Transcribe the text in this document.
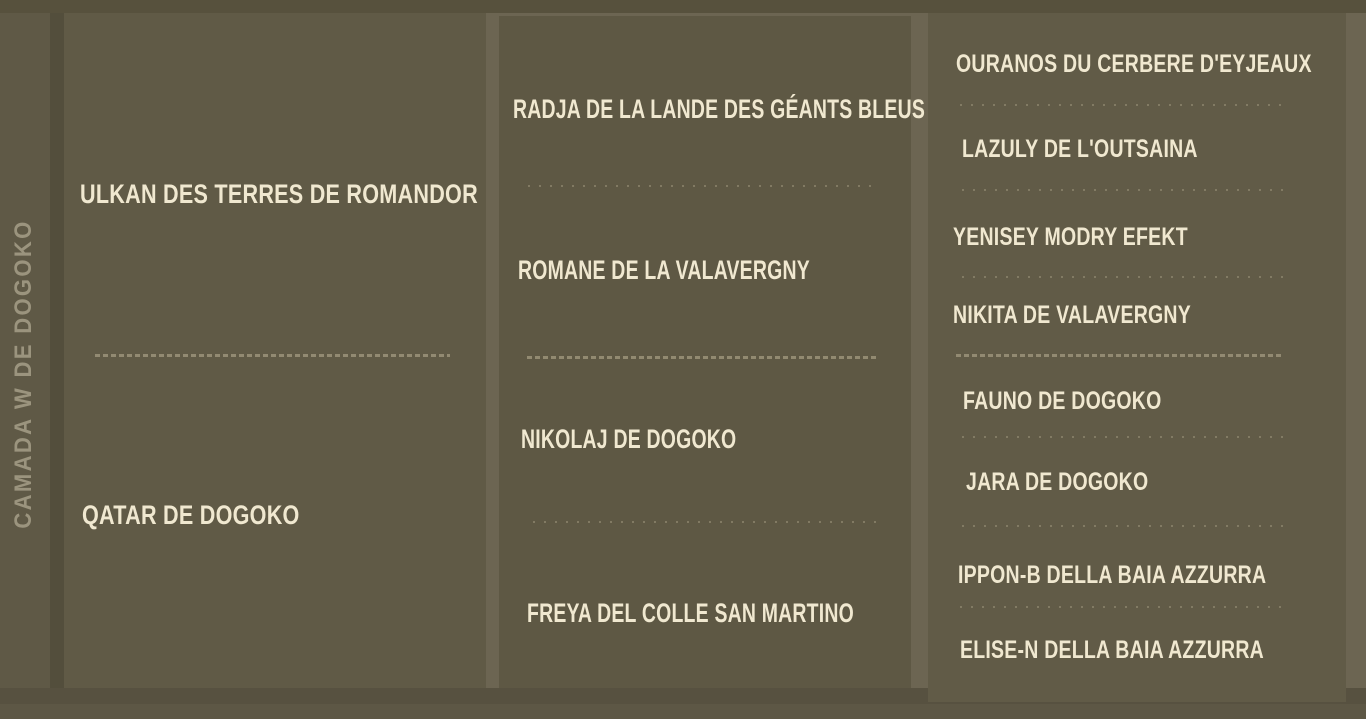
CAMADA W DE DOGOKO
ULKAN DES TERRES DE ROMANDOR
QATAR DE DOGOKO
RADJA DE LA LANDE DES GÉANTS BLEUS
ROMANE DE LA VALAVERGNY
NIKOLAJ DE DOGOKO
FREYA DEL COLLE SAN MARTINO
OURANOS DU CERBERE D'EYJEAUX
LAZULY DE L'OUTSAINA
YENISEY MODRY EFEKT
NIKITA DE VALAVERGNY
FAUNO DE DOGOKO
JARA DE DOGOKO
IPPON-B DELLA BAIA AZZURRA
ELISE-N DELLA BAIA AZZURRA
